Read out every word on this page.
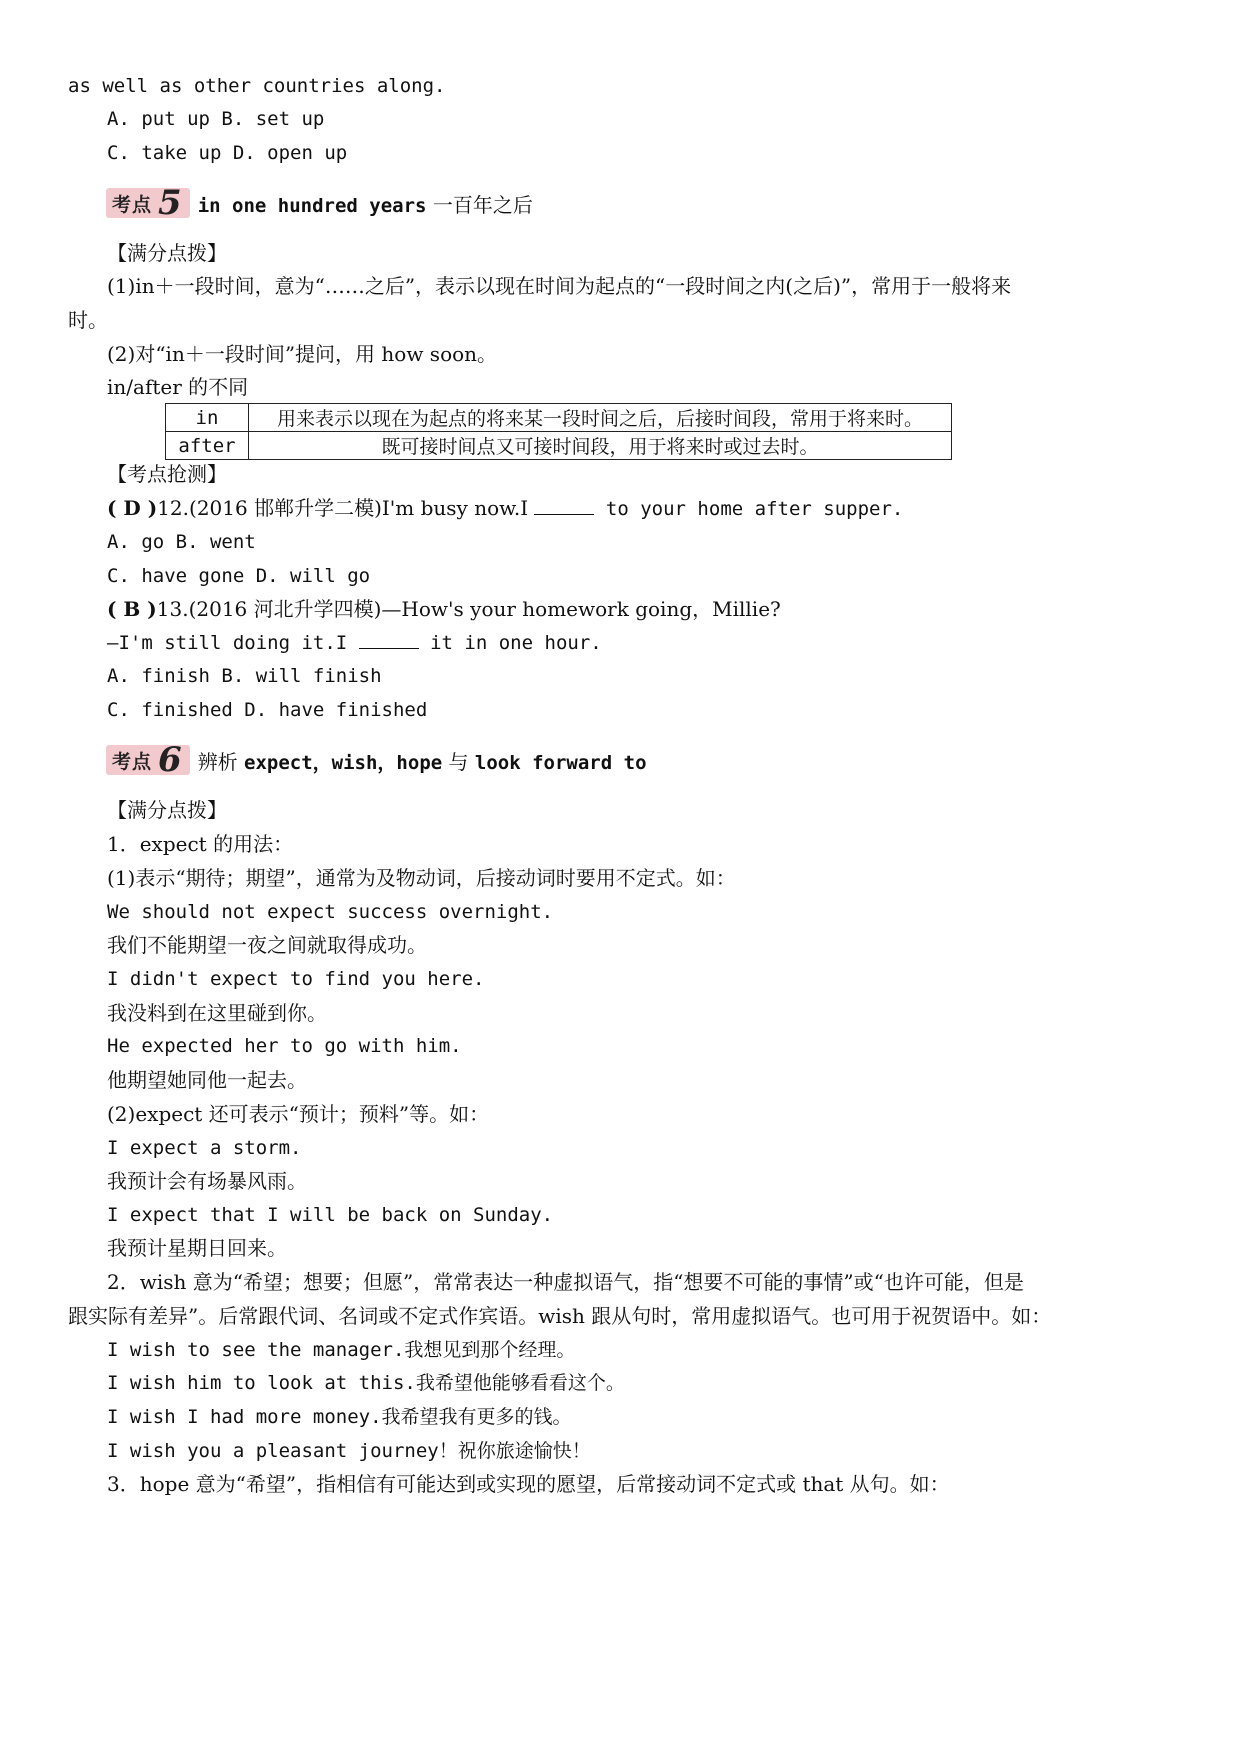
as well as other countries along.
A. put up B. set up
C. take up D. open up
考点 5 in one hundred years 一百年之后
【满分点拨】
(1)in＋一段时间，意为“……之后”，表示以现在时间为起点的“一段时间之内(之后)”，常用于一般将来
时。
(2)对“in＋一段时间”提问，用 how soon。
in/after 的不同
in	用来表示以现在为起点的将来某一段时间之后，后接时间段，常用于将来时。
after	既可接时间点又可接时间段，用于将来时或过去时。
【考点抢测】
( D )12.(2016 邯郸升学二模)I'm busy now.I	to your home after supper.
A. go B. went
C. have gone D. will go
( B )13.(2016 河北升学四模)—How's your homework going，Millie?
—I'm still doing it.I	it in one hour.
A. finish B. will finish
C. finished D. have finished
考点 6 辨析 expect，wish，hope 与 look forward to
【满分点拨】
1．expect 的用法：
(1)表示“期待；期望”，通常为及物动词，后接动词时要用不定式。如：
We should not expect success overnight.
我们不能期望一夜之间就取得成功。
I didn't expect to find you here.
我没料到在这里碰到你。
He expected her to go with him.
他期望她同他一起去。
(2)expect 还可表示“预计；预料”等。如：
I expect a storm.
我预计会有场暴风雨。
I expect that I will be back on Sunday.
我预计星期日回来。
2．wish 意为“希望；想要；但愿”，常常表达一种虚拟语气，指“想要不可能的事情”或“也许可能，但是
跟实际有差异”。后常跟代词、名词或不定式作宾语。wish 跟从句时，常用虚拟语气。也可用于祝贺语中。如：
I wish to see the manager.我想见到那个经理。
I wish him to look at this.我希望他能够看看这个。
I wish I had more money.我希望我有更多的钱。
I wish you a pleasant journey！祝你旅途愉快！
3．hope 意为“希望”，指相信有可能达到或实现的愿望，后常接动词不定式或 that 从句。如：
